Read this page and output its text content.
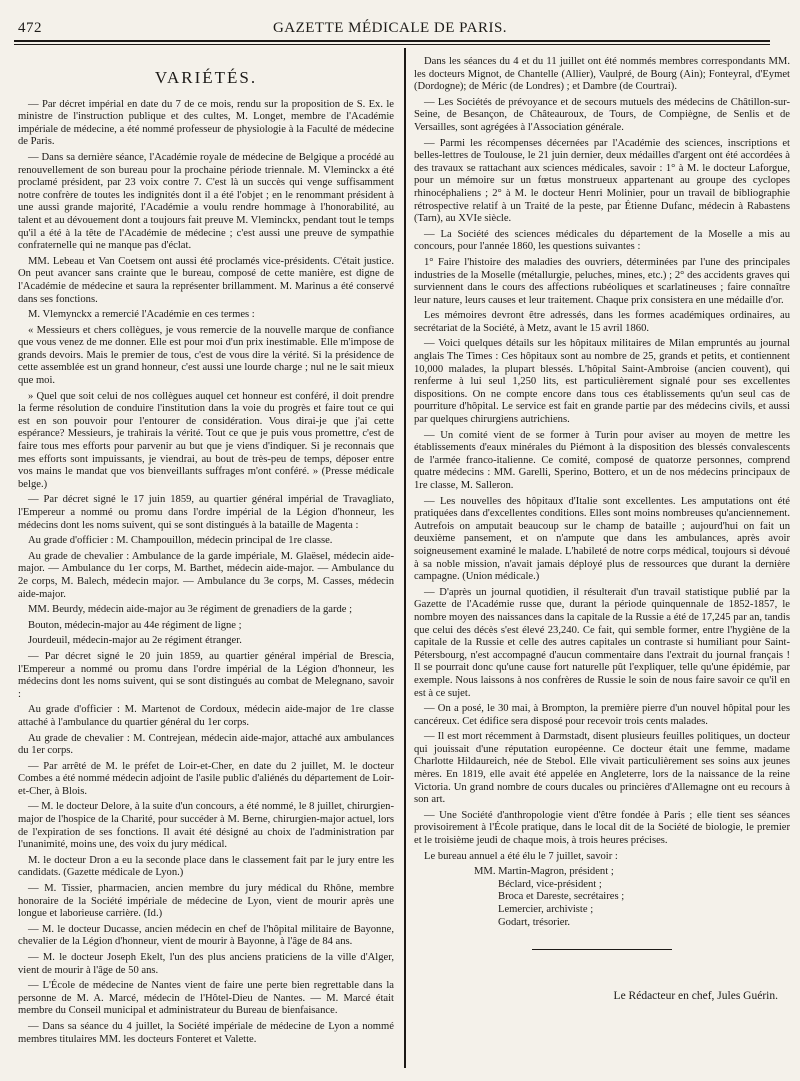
472	GAZETTE MÉDICALE DE PARIS.
VARIÉTÉS.

— Par décret impérial en date du 7 de ce mois, rendu sur la proposition de S. Ex. le ministre de l'instruction publique et des cultes, M. Longet, membre de l'Académie impériale de médecine, a été nommé professeur de physiologie à la Faculté de médecine de Paris.

— Dans sa dernière séance, l'Académie royale de médecine de Belgique a procédé au renouvellement de son bureau pour la prochaine période triennale. M. Vleminckx a été proclamé président, par 23 voix contre 7. C'est là un succès qui venge suffisamment notre confrère de toutes les indignités dont il a été l'objet ; en le renommant président à une aussi grande majorité, l'Académie a voulu rendre hommage à l'honorabilité, au talent et au dévouement dont a toujours fait preuve M. Vleminckx, pendant tout le temps qu'il a été à la tête de l'Académie de médecine ; c'est aussi une preuve de sympathie confraternelle qui ne manque pas d'éclat.

MM. Lebeau et Van Coetsem ont aussi été proclamés vice-présidents. C'était justice. On peut avancer sans crainte que le bureau, composé de cette manière, est digne de l'Académie de médecine et saura la représenter brillamment. M. Marinus a été conservé dans ses fonctions.

M. Vlemynckx a remercié l'Académie en ces termes :

« Messieurs et chers collègues, je vous remercie de la nouvelle marque de confiance que vous venez de me donner. Elle est pour moi d'un prix inestimable. Elle m'impose de grands devoirs. Mais le premier de tous, c'est de vous dire la vérité. Si la présidence de cette assemblée est un grand honneur, c'est aussi une lourde charge ; nul ne le sait mieux que moi.

» Quel que soit celui de nos collègues auquel cet honneur est conféré, il doit prendre la ferme résolution de conduire l'institution dans la voie du progrès et faire tout ce qui est en son pouvoir pour l'entourer de considération. Vous dirai-je que j'ai cette espérance? Messieurs, je trahirais la vérité. Tout ce que je puis vous promettre, c'est de faire tous mes efforts pour parvenir au but que je viens d'indiquer. Si je reconnais que mes efforts sont impuissants, je viendrai, au bout de très-peu de temps, déposer entre vos mains le mandat que vos bienveillants suffrages m'ont conféré. » (Presse médicale belge.)

— Par décret signé le 17 juin 1859, au quartier général impérial de Travagliato, l'Empereur a nommé ou promu dans l'ordre impérial de la Légion d'honneur, les médecins dont les noms suivent, qui se sont distingués à la bataille de Magenta :

Au grade d'officier : M. Champouillon, médecin principal de 1re classe.

Au grade de chevalier : Ambulance de la garde impériale, M. Glaësel, médecin aide-major. — Ambulance du 1er corps, M. Barthet, médecin aide-major. — Ambulance du 2e corps, M. Balech, médecin major. — Ambulance du 3e corps, M. Casses, médecin aide-major.

MM. Beurdy, médecin aide-major au 3e régiment de grenadiers de la garde ;

Bouton, médecin-major au 44e régiment de ligne ;

Jourdeuil, médecin-major au 2e régiment étranger.

— Par décret signé le 20 juin 1859, au quartier général impérial de Brescia, l'Empereur a nommé ou promu dans l'ordre impérial de la Légion d'honneur, les médecins dont les noms suivent, qui se sont distingués au combat de Melegnano, savoir :

Au grade d'officier : M. Martenot de Cordoux, médecin aide-major de 1re classe attaché à l'ambulance du quartier général du 1er corps.

Au grade de chevalier : M. Contrejean, médecin aide-major, attaché aux ambulances du 1er corps.

— Par arrêté de M. le préfet de Loir-et-Cher, en date du 2 juillet, M. le docteur Combes a été nommé médecin adjoint de l'asile public d'aliénés du département de Loir-et-Cher, à Blois.

— M. le docteur Delore, à la suite d'un concours, a été nommé, le 8 juillet, chirurgien-major de l'hospice de la Charité, pour succéder à M. Berne, chirurgien-major actuel, lors de l'expiration de ses fonctions. Il avait été désigné au choix de l'administration par l'unanimité, moins une, des voix du jury médical.

M. le docteur Dron a eu la seconde place dans le classement fait par le jury entre les candidats. (Gazette médicale de Lyon.)

— M. Tissier, pharmacien, ancien membre du jury médical du Rhône, membre honoraire de la Société impériale de médecine de Lyon, vient de mourir après une longue et laborieuse carrière. (Id.)

— M. le docteur Ducasse, ancien médecin en chef de l'hôpital militaire de Bayonne, chevalier de la Légion d'honneur, vient de mourir à Bayonne, à l'âge de 84 ans.

— M. le docteur Joseph Ekelt, l'un des plus anciens praticiens de la ville d'Alger, vient de mourir à l'âge de 50 ans.

— L'École de médecine de Nantes vient de faire une perte bien regrettable dans la personne de M. A. Marcé, médecin de l'Hôtel-Dieu de Nantes. — M. Marcé était membre du Conseil municipal et administrateur du Bureau de bienfaisance.

— Dans sa séance du 4 juillet, la Société impériale de médecine de Lyon a nommé membres titulaires MM. les docteurs Fonteret et Valette.

Dans les séances du 4 et du 11 juillet ont été nommés membres correspondants MM. les docteurs Mignot, de Chantelle (Allier), Vaulpré, de Bourg (Ain); Fonteyral, d'Eymet (Dordogne); de Méric (de Londres) ; et Dambre (de Courtrai).

— Les Sociétés de prévoyance et de secours mutuels des médecins de Châtillon-sur-Seine, de Besançon, de Châteauroux, de Tours, de Compiègne, de Senlis et de Versailles, sont agrégées à l'Association générale.

— Parmi les récompenses décernées par l'Académie des sciences, inscriptions et belles-lettres de Toulouse, le 21 juin dernier, deux médailles d'argent ont été accordées à des travaux se rattachant aux sciences médicales, savoir : 1° à M. le docteur Laforgue, pour un mémoire sur un fœtus monstrueux appartenant au groupe des cyclopes rhinocéphaliens ; 2° à M. le docteur Henri Molinier, pour un travail de bibliographie rétrospective relatif à un Traité de la peste, par Étienne Dufanc, médecin à Rabastens (Tarn), au XVIe siècle.

— La Société des sciences médicales du département de la Moselle a mis au concours, pour l'année 1860, les questions suivantes :

1° Faire l'histoire des maladies des ouvriers, déterminées par l'une des principales industries de la Moselle (métallurgie, peluches, mines, etc.) ; 2° des accidents graves qui surviennent dans le cours des affections rubéoliques et scarlatineuses ; faire connaître leur nature, leurs causes et leur traitement. Chaque prix consistera en une médaille d'or.

Les mémoires devront être adressés, dans les formes académiques ordinaires, au secrétariat de la Société, à Metz, avant le 15 avril 1860.

— Voici quelques détails sur les hôpitaux militaires de Milan empruntés au journal anglais The Times : Ces hôpitaux sont au nombre de 25, grands et petits, et contiennent 10,000 malades, la plupart blessés. L'hôpital Saint-Ambroise (ancien couvent), qui renferme à lui seul 1,250 lits, est particulièrement signalé pour ses excellentes dispositions. On ne compte encore dans tous ces établissements qu'un seul cas de pourriture d'hôpital. Le service est fait en grande partie par des médecins civils, et aussi par quelques chirurgiens autrichiens.

— Un comité vient de se former à Turin pour aviser au moyen de mettre les établissements d'eaux minérales du Piémont à la disposition des blessés convalescents de l'armée franco-italienne. Ce comité, composé de quatorze personnes, comprend quatre médecins : MM. Garelli, Sperino, Bottero, et un de nos médecins principaux de 1re classe, M. Salleron.

— Les nouvelles des hôpitaux d'Italie sont excellentes. Les amputations ont été pratiquées dans d'excellentes conditions. Elles sont moins nombreuses qu'anciennement. Autrefois on amputait beaucoup sur le champ de bataille ; aujourd'hui on fait un deuxième pansement, et on n'ampute que dans les ambulances, après avoir soigneusement examiné le malade. L'habileté de notre corps médical, toujours si dévoué à sa noble mission, n'avait jamais déployé plus de ressources que durant la dernière campagne. (Union médicale.)

— D'après un journal quotidien, il résulterait d'un travail statistique publié par la Gazette de l'Académie russe que, durant la période quinquennale de 1852-1857, le nombre moyen des naissances dans la capitale de la Russie a été de 17,245 par an, tandis que celui des décès s'est élevé 23,240. Ce fait, qui semble former, entre l'hygiène de la capitale de la Russie et celle des autres capitales un contraste si humiliant pour Saint-Pétersbourg, n'est accompagné d'aucun commentaire dans l'extrait du journal français ! Il se pourrait donc qu'une cause fort naturelle pût l'expliquer, telle qu'une épidémie, par exemple. Nous laissons à nos confrères de Russie le soin de nous faire savoir ce qu'il en est à ce sujet.

— On a posé, le 30 mai, à Brompton, la première pierre d'un nouvel hôpital pour les cancéreux. Cet édifice sera disposé pour recevoir trois cents malades.

— Il est mort récemment à Darmstadt, disent plusieurs feuilles politiques, un docteur qui jouissait d'une réputation européenne. Ce docteur était une femme, madame Charlotte Hildaureich, née de Stebol. Elle vivait particulièrement ses soins aux jeunes mères. En 1819, elle avait été appelée en Angleterre, lors de la naissance de la reine Victoria. Un grand nombre de cours ducales ou princières d'Allemagne ont eu recours à son art.

— Une Société d'anthropologie vient d'être fondée à Paris ; elle tient ses séances provisoirement à l'École pratique, dans le local dit de la Société de biologie, le premier et le troisième jeudi de chaque mois, à trois heures précises.

Le bureau annuel a été élu le 7 juillet, savoir :

MM. Martin-Magron, président ;
Béclard, vice-président ;
Broca et Dareste, secrétaires ;
Lemercier, archiviste ;
Godart, trésorier.
Le Rédacteur en chef, Jules Guérin.
